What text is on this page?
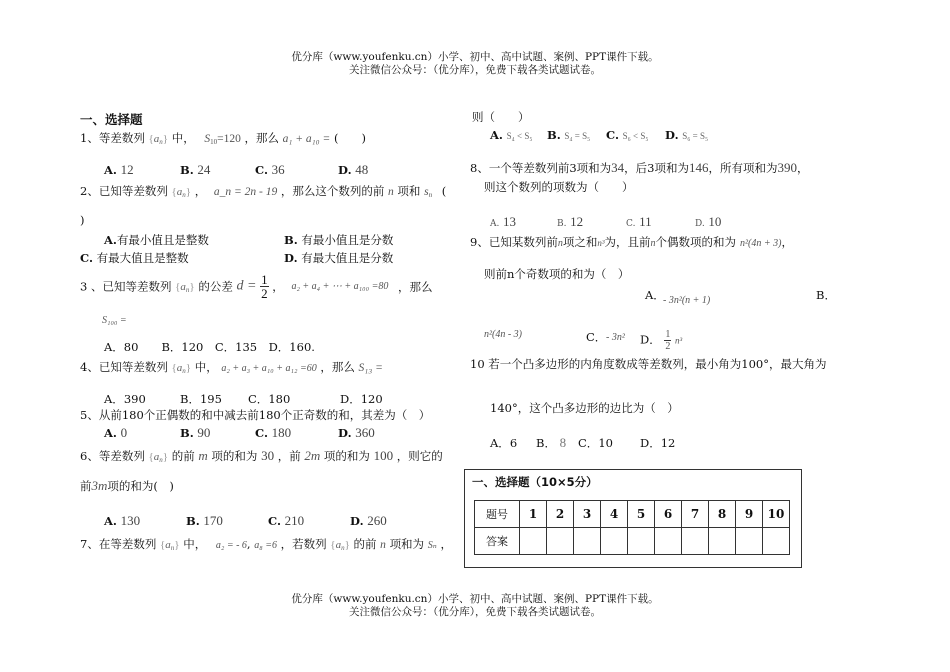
优分库（www.youfenku.cn）小学、初中、高中试题、案例、PPT课件下载。
关注微信公众号：（优分库），免费下载各类试题试卷。
一、选择题
1、等差数列 $\{a_n\}$ 中， $S_{10}=120$ ，那么 a₁ + a₁₀ = (　　)
A. 12	B. 24	C. 36	D. 48
2、已知等差数列 $\{a_n\}$ ， a_n = 2n - 19 ，那么这个数列的前 n 项和 $s_n$ (
)
A.有最小值且是整数	B. 有最小值且是分数
C. 有最大值且是整数	D. 有最大值且是分数
3 、已知等差数列 $\{a_n\}$ 的公差 $d = \frac{1}{2}$ ， a₂ + a₄ + ⋯ + a₁₀₀ =80 ，那么
S₁₀₀ =
A．80　　B．120　C．135　D．160.
4、已知等差数列 $\{a_n\}$ 中， a₂ + a₃ + a₁₀ + a₁₂ =60 ，那么 S₁₃ =
A．390	B．195 C．180	D．120
5、从前180个正偶数的和中减去前180个正奇数的和，其差为（　）
A. 0	B. 90	C. 180	D. 360
6、等差数列 $\{a_n\}$ 的前 m 项的和为 30 ，前 2m 项的和为 100 ，则它的
前3m项的和为(　)
A. 130	B. 170	C. 210	D. 260
7、在等差数列 $\{a_n\}$ 中， a₂ = - 6, a₈ =6 ，若数列 $\{a_n\}$ 的前 n 项和为 Sₙ ，
则（　　）
A. S₄ < S₅ B. S₄ = S₅ C. S₆ < S₅ D. S₆ = S₅
8、一个等差数列前3项和为34，后3项和为146，所有项和为390，
则这个数列的项数为（　　）
A. 13	B. 12	C. 11	D. 10
9、已知某数列前n项之和n³为，且前n个偶数项的和为 n²(4n + 3)，
则前n个奇数项的和为（　）
A．
- 3n²(n + 1)	B．
n²(4n - 3)	C． - 3n² D． $\frac{1}{2} n^3$
10 若一个凸多边形的内角度数成等差数列，最小角为100°，最大角为
140°，这个凸多边形的边比为（　）
A．6 B． 8 C．10 D．12
一、选择题（10×5分）
题号	1	2	3	4	5	6	7	8	9	10
答案										
优分库（www.youfenku.cn）小学、初中、高中试题、案例、PPT课件下载。
关注微信公众号：（优分库），免费下载各类试题试卷。
